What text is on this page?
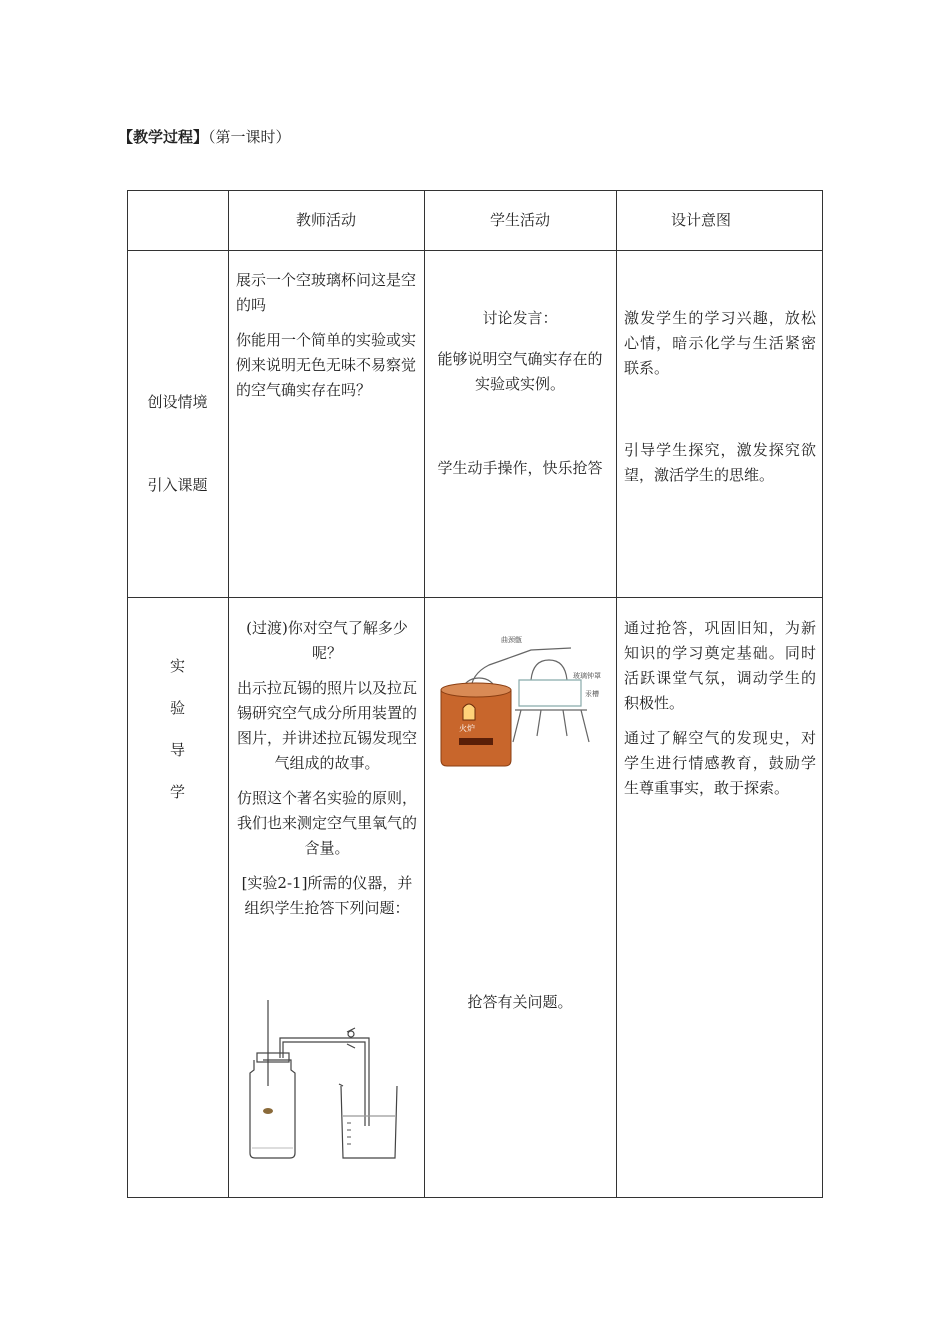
【教学过程】（第一课时）
教师活动	学生活动	设计意图
创设情境
引入课题

展示一个空玻璃杯问这是空的吗

你能用一个简单的实验或实例来说明无色无味不易察觉的空气确实存在吗？

讨论发言：
能够说明空气确实存在的实验或实例。
学生动手操作，快乐抢答
激发学生的学习兴趣，放松心情，暗示化学与生活紧密联系。
引导学生探究，激发探究欲望，激活学生的思维。
实
验
导
学

(过渡)你对空气了解多少呢？

出示拉瓦锡的照片以及拉瓦锡研究空气成分所用装置的图片，并讲述拉瓦锡发现空气组成的故事。

仿照这个著名实验的原则，我们也来测定空气里氧气的含量。

[实验2-1]所需的仪器，并组织学生抢答下列问题：

火炉
曲颈甑
玻璃钟罩
汞槽
抢答有关问题。

通过抢答，巩固旧知，为新知识的学习奠定基础。同时活跃课堂气氛，调动学生的积极性。

通过了解空气的发现史，对学生进行情感教育，鼓励学生尊重事实，敢于探索。
